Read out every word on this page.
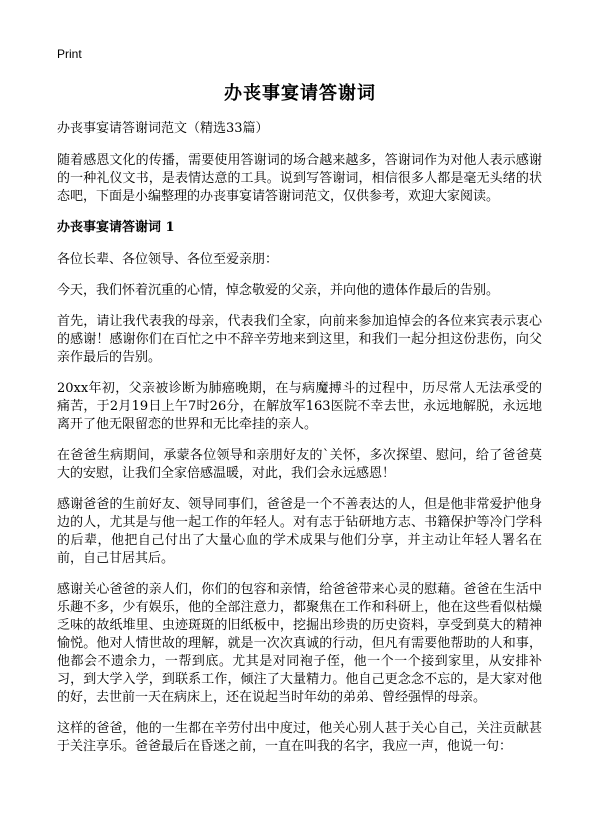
Print
办丧事宴请答谢词

办丧事宴请答谢词范文（精选33篇）

随着感恩文化的传播，需要使用答谢词的场合越来越多，答谢词作为对他人表示感谢的一种礼仪文书，是表情达意的工具。说到写答谢词，相信很多人都是毫无头绪的状态吧，下面是小编整理的办丧事宴请答谢词范文，仅供参考，欢迎大家阅读。

办丧事宴请答谢词 1

各位长辈、各位领导、各位至爱亲朋：

今天，我们怀着沉重的心情，悼念敬爱的父亲，并向他的遗体作最后的告别。

首先，请让我代表我的母亲，代表我们全家，向前来参加追悼会的各位来宾表示衷心的感谢！感谢你们在百忙之中不辞辛劳地来到这里，和我们一起分担这份悲伤，向父亲作最后的告别。

20xx年初，父亲被诊断为肺癌晚期，在与病魔搏斗的过程中，历尽常人无法承受的痛苦，于2月19日上午7时26分，在解放军163医院不幸去世，永远地解脱，永远地离开了他无限留恋的世界和无比牵挂的亲人。

在爸爸生病期间，承蒙各位领导和亲朋好友的`关怀，多次探望、慰问，给了爸爸莫大的安慰，让我们全家倍感温暖，对此，我们会永远感恩！

感谢爸爸的生前好友、领导同事们，爸爸是一个不善表达的人，但是他非常爱护他身边的人，尤其是与他一起工作的年轻人。对有志于钻研地方志、书籍保护等冷门学科的后辈，他把自己付出了大量心血的学术成果与他们分享，并主动让年轻人署名在前，自己甘居其后。

感谢关心爸爸的亲人们，你们的包容和亲情，给爸爸带来心灵的慰藉。爸爸在生活中乐趣不多，少有娱乐，他的全部注意力，都聚焦在工作和科研上，他在这些看似枯燥乏味的故纸堆里、虫迹斑斑的旧纸板中，挖掘出珍贵的历史资料，享受到莫大的精神愉悦。他对人情世故的理解，就是一次次真诚的行动，但凡有需要他帮助的人和事，他都会不遗余力，一帮到底。尤其是对同袍子侄，他一个一个接到家里，从安排补习，到大学入学，到联系工作，倾注了大量精力。他自己更念念不忘的，是大家对他的好，去世前一天在病床上，还在说起当时年幼的弟弟、曾经强悍的母亲。

这样的爸爸，他的一生都在辛劳付出中度过，他关心别人甚于关心自己，关注贡献甚于关注享乐。爸爸最后在昏迷之前，一直在叫我的名字，我应一声，他说一句：
